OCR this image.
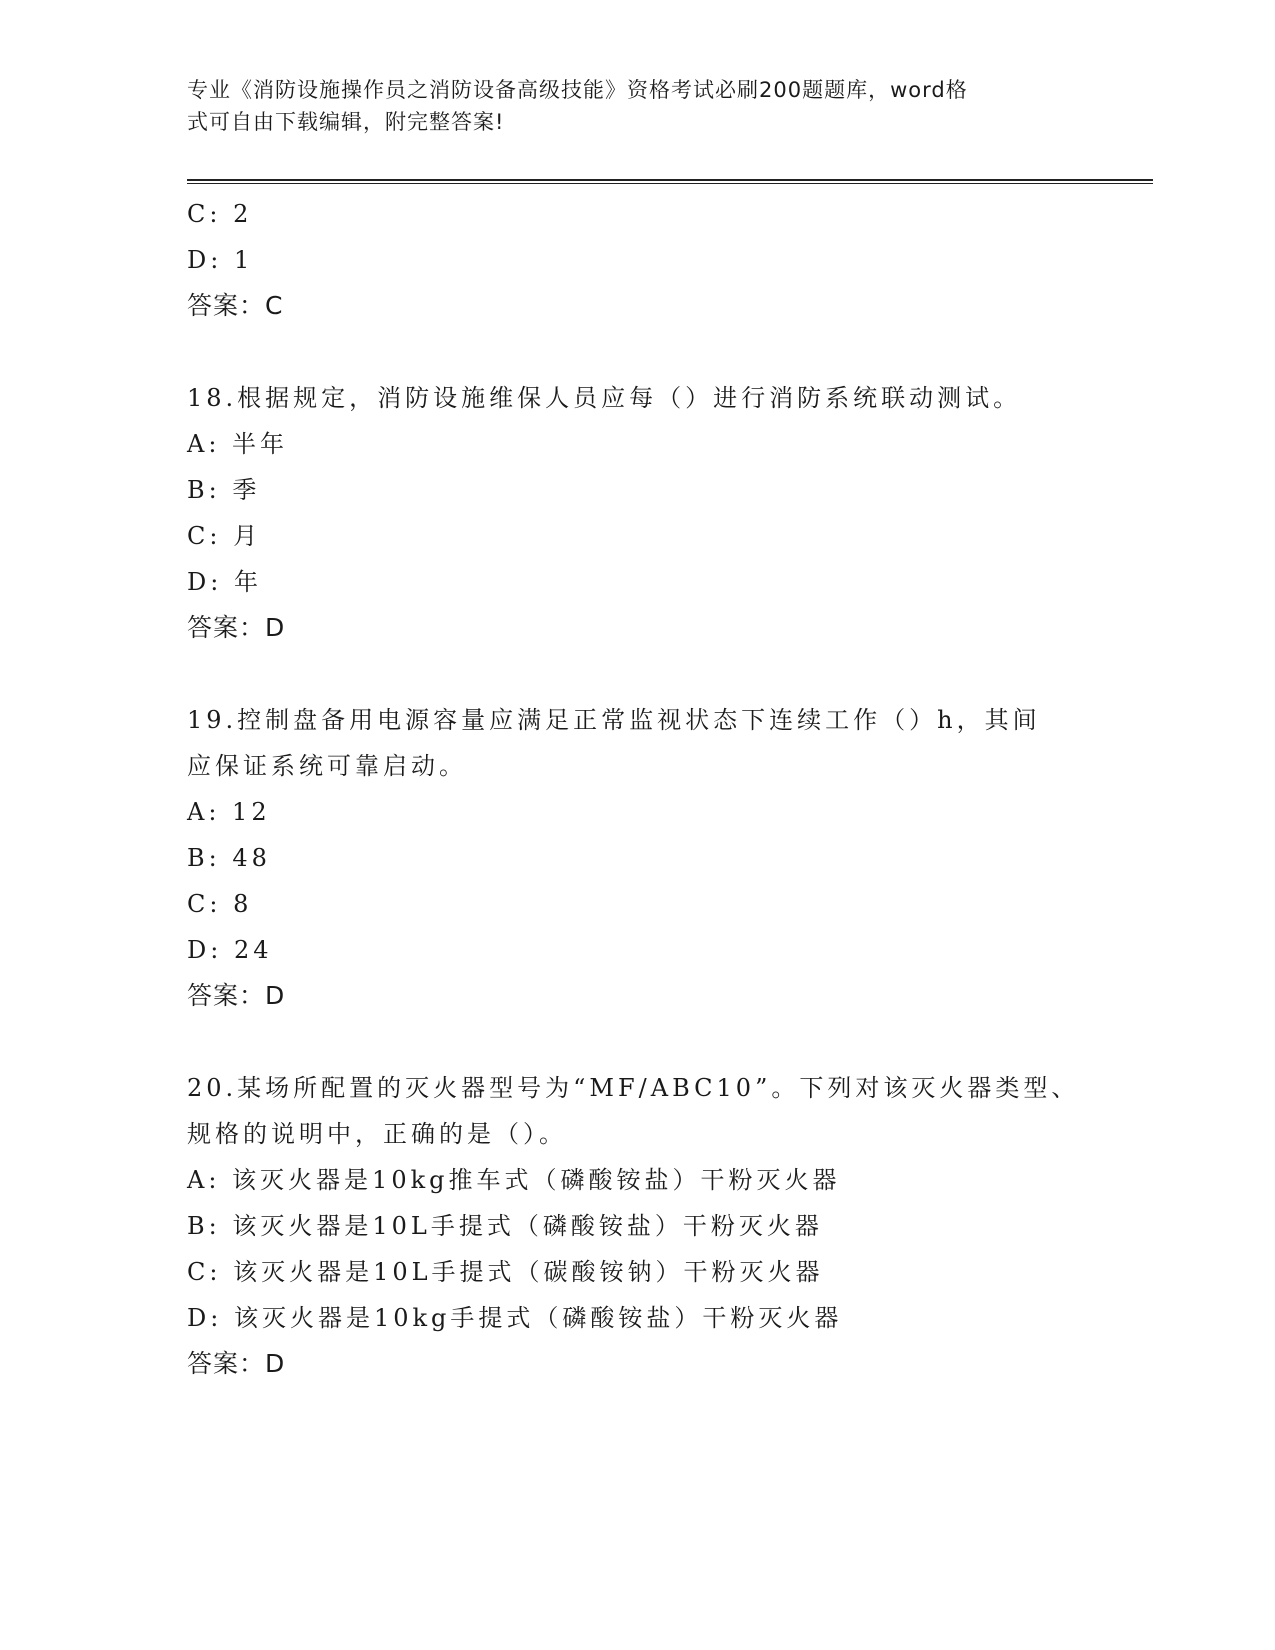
专业《消防设施操作员之消防设备高级技能》资格考试必刷200题题库，word格
式可自由下载编辑，附完整答案!
C: 2
D: 1
答案：C
18.根据规定，消防设施维保人员应每（）进行消防系统联动测试。
A: 半年
B: 季
C: 月
D: 年
答案：D
19.控制盘备用电源容量应满足正常监视状态下连续工作（）h，其间
应保证系统可靠启动。
A: 12
B: 48
C: 8
D: 24
答案：D
20.某场所配置的灭火器型号为“MF/ABC10”。下列对该灭火器类型、
规格的说明中，正确的是（）。
A: 该灭火器是10kg推车式（磷酸铵盐）干粉灭火器
B: 该灭火器是10L手提式（磷酸铵盐）干粉灭火器
C: 该灭火器是10L手提式（碳酸铵钠）干粉灭火器
D: 该灭火器是10kg手提式（磷酸铵盐）干粉灭火器
答案：D
